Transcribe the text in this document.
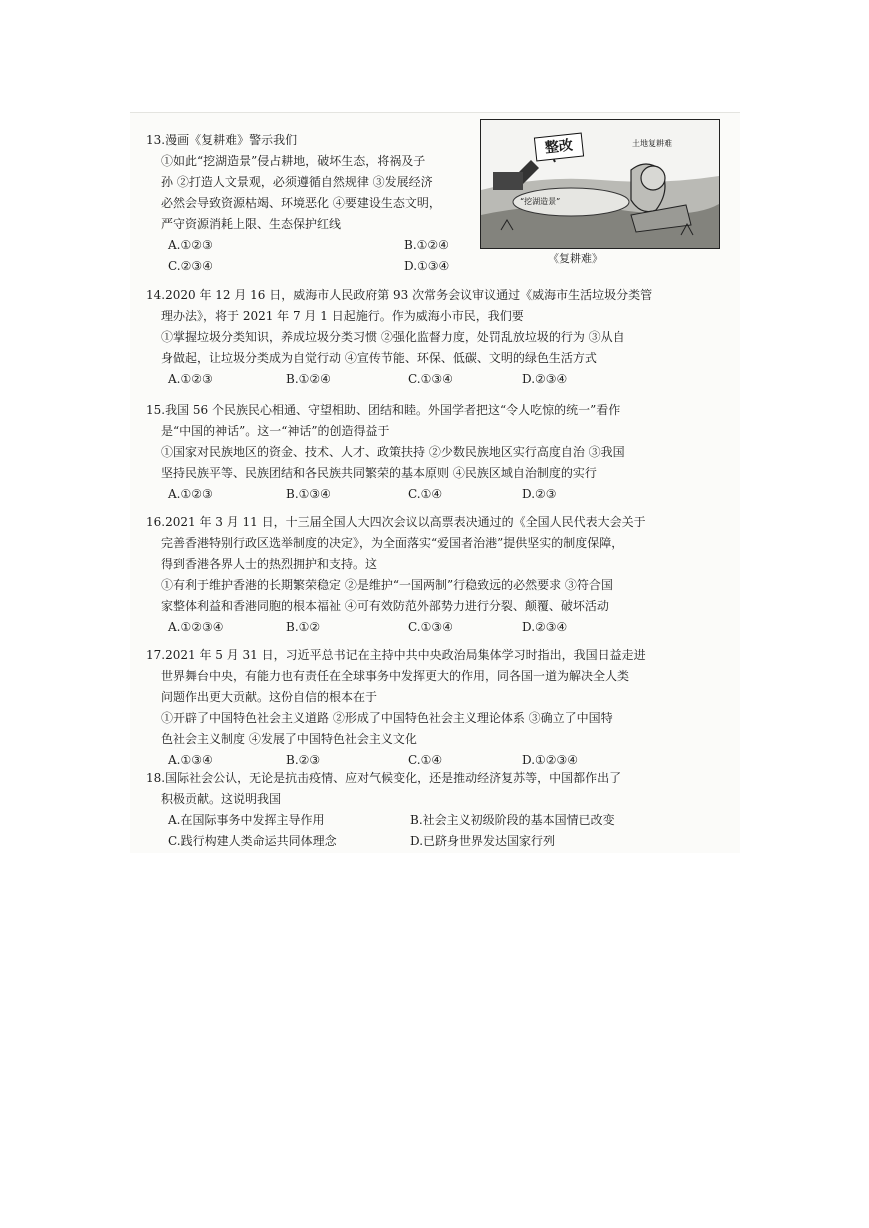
13.漫画《复耕难》警示我们
①如此“挖湖造景”侵占耕地，破坏生态，将祸及子
孙 ②打造人文景观，必须遵循自然规律 ③发展经济
必然会导致资源枯竭、环境恶化 ④要建设生态文明，
严守资源消耗上限、生态保护红线
A.①②③	B.①②④
C.②③④	D.①③④
整改	土地复耕难
“挖湖造景”
《复耕难》
14.2020 年 12 月 16 日，威海市人民政府第 93 次常务会议审议通过《威海市生活垃圾分类管
理办法》，将于 2021 年 7 月 1 日起施行。作为威海小市民，我们要
①掌握垃圾分类知识，养成垃圾分类习惯 ②强化监督力度，处罚乱放垃圾的行为 ③从自
身做起，让垃圾分类成为自觉行动 ④宣传节能、环保、低碳、文明的绿色生活方式
A.①②③	B.①②④	C.①③④	D.②③④
15.我国 56 个民族民心相通、守望相助、团结和睦。外国学者把这“令人吃惊的统一”看作
是“中国的神话”。这一“神话”的创造得益于
①国家对民族地区的资金、技术、人才、政策扶持 ②少数民族地区实行高度自治 ③我国
坚持民族平等、民族团结和各民族共同繁荣的基本原则 ④民族区域自治制度的实行
A.①②③	B.①③④	C.①④	D.②③
16.2021 年 3 月 11 日，十三届全国人大四次会议以高票表决通过的《全国人民代表大会关于
完善香港特别行政区选举制度的决定》，为全面落实“爱国者治港”提供坚实的制度保障，
得到香港各界人士的热烈拥护和支持。这
①有利于维护香港的长期繁荣稳定 ②是维护“一国两制”行稳致远的必然要求 ③符合国
家整体利益和香港同胞的根本福祉 ④可有效防范外部势力进行分裂、颠覆、破坏活动
A.①②③④	B.①②	C.①③④	D.②③④
17.2021 年 5 月 31 日，习近平总书记在主持中共中央政治局集体学习时指出，我国日益走进
世界舞台中央，有能力也有责任在全球事务中发挥更大的作用，同各国一道为解决全人类
问题作出更大贡献。这份自信的根本在于
①开辟了中国特色社会主义道路 ②形成了中国特色社会主义理论体系 ③确立了中国特
色社会主义制度 ④发展了中国特色社会主义文化
A.①③④	B.②③	C.①④	D.①②③④
18.国际社会公认，无论是抗击疫情、应对气候变化，还是推动经济复苏等，中国都作出了
积极贡献。这说明我国
A.在国际事务中发挥主导作用	B.社会主义初级阶段的基本国情已改变
C.践行构建人类命运共同体理念	D.已跻身世界发达国家行列
